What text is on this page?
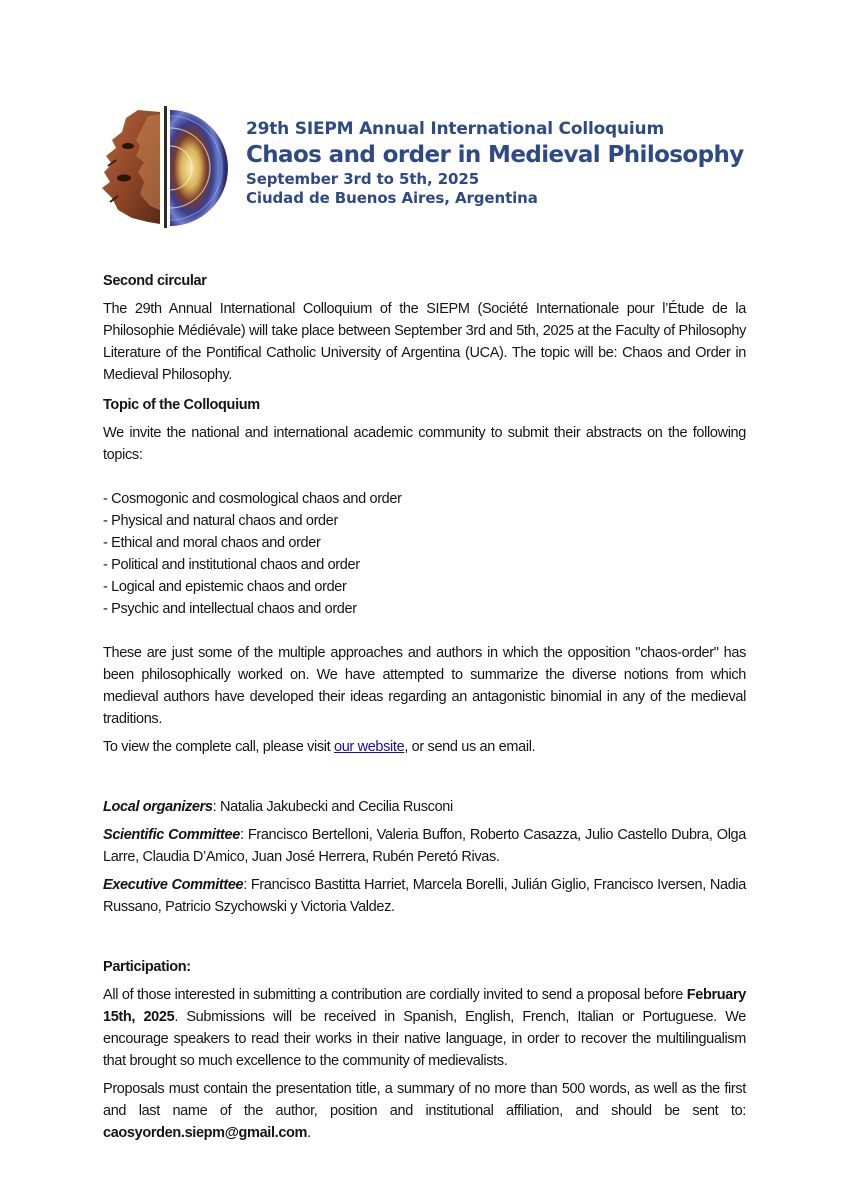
29th SIEPM Annual International Colloquium
Chaos and order in Medieval Philosophy
September 3rd to 5th, 2025
Ciudad de Buenos Aires, Argentina

Second circular

The 29th Annual International Colloquium of the SIEPM (Société Internationale pour l’Étude de la Philosophie Médiévale) will take place between September 3rd and 5th, 2025 at the Faculty of Philosophy Literature of the Pontifical Catholic University of Argentina (UCA). The topic will be: Chaos and Order in Medieval Philosophy.

Topic of the Colloquium

We invite the national and international academic community to submit their abstracts on the following topics:

- Cosmogonic and cosmological chaos and order
- Physical and natural chaos and order
- Ethical and moral chaos and order
- Political and institutional chaos and order
- Logical and epistemic chaos and order
- Psychic and intellectual chaos and order

These are just some of the multiple approaches and authors in which the opposition "chaos-order" has been philosophically worked on. We have attempted to summarize the diverse notions from which medieval authors have developed their ideas regarding an antagonistic binomial in any of the medieval traditions.

To view the complete call, please visit our website, or send us an email.

Local organizers: Natalia Jakubecki and Cecilia Rusconi

Scientific Committee: Francisco Bertelloni, Valeria Buffon, Roberto Casazza, Julio Castello Dubra, Olga Larre, Claudia D’Amico, Juan José Herrera, Rubén Peretó Rivas.

Executive Committee: Francisco Bastitta Harriet, Marcela Borelli, Julián Giglio, Francisco Iversen, Nadia Russano, Patricio Szychowski y Victoria Valdez.

Participation:

All of those interested in submitting a contribution are cordially invited to send a proposal before February 15th, 2025. Submissions will be received in Spanish, English, French, Italian or Portuguese. We encourage speakers to read their works in their native language, in order to recover the multilingualism that brought so much excellence to the community of medievalists.

Proposals must contain the presentation title, a summary of no more than 500 words, as well as the first and last name of the author, position and institutional affiliation, and should be sent to: caosyorden.siepm@gmail.com.
